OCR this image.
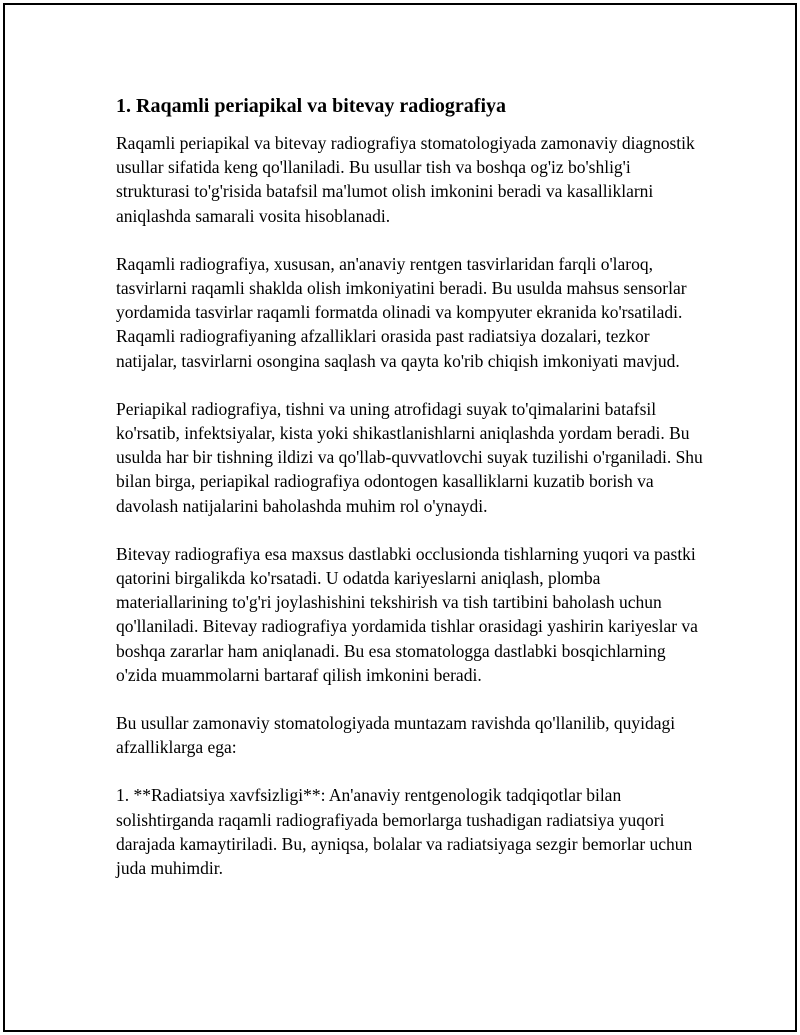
1. Raqamli periapikal va bitevay radiografiya

Raqamli periapikal va bitevay radiografiya stomatologiyada zamonaviy diagnostik usullar sifatida keng qo'llaniladi. Bu usullar tish va boshqa og'iz bo'shlig'i strukturasi to'g'risida batafsil ma'lumot olish imkonini beradi va kasalliklarni aniqlashda samarali vosita hisoblanadi.

Raqamli radiografiya, xususan, an'anaviy rentgen tasvirlaridan farqli o'laroq, tasvirlarni raqamli shaklda olish imkoniyatini beradi. Bu usulda mahsus sensorlar yordamida tasvirlar raqamli formatda olinadi va kompyuter ekranida ko'rsatiladi. Raqamli radiografiyaning afzalliklari orasida past radiatsiya dozalari, tezkor natijalar, tasvirlarni osongina saqlash va qayta ko'rib chiqish imkoniyati mavjud.

Periapikal radiografiya, tishni va uning atrofidagi suyak to'qimalarini batafsil ko'rsatib, infektsiyalar, kista yoki shikastlanishlarni aniqlashda yordam beradi. Bu usulda har bir tishning ildizi va qo'llab-quvvatlovchi suyak tuzilishi o'rganiladi. Shu bilan birga, periapikal radiografiya odontogen kasalliklarni kuzatib borish va davolash natijalarini baholashda muhim rol o'ynaydi.

Bitevay radiografiya esa maxsus dastlabki occlusionda tishlarning yuqori va pastki qatorini birgalikda ko'rsatadi. U odatda kariyeslarni aniqlash, plomba materiallarining to'g'ri joylashishini tekshirish va tish tartibini baholash uchun qo'llaniladi. Bitevay radiografiya yordamida tishlar orasidagi yashirin kariyeslar va boshqa zararlar ham aniqlanadi. Bu esa stomatologga dastlabki bosqichlarning o'zida muammolarni bartaraf qilish imkonini beradi.

Bu usullar zamonaviy stomatologiyada muntazam ravishda qo'llanilib, quyidagi afzalliklarga ega:

1. **Radiatsiya xavfsizligi**: An'anaviy rentgenologik tadqiqotlar bilan solishtirganda raqamli radiografiyada bemorlarga tushadigan radiatsiya yuqori darajada kamaytiriladi. Bu, ayniqsa, bolalar va radiatsiyaga sezgir bemorlar uchun juda muhimdir.
